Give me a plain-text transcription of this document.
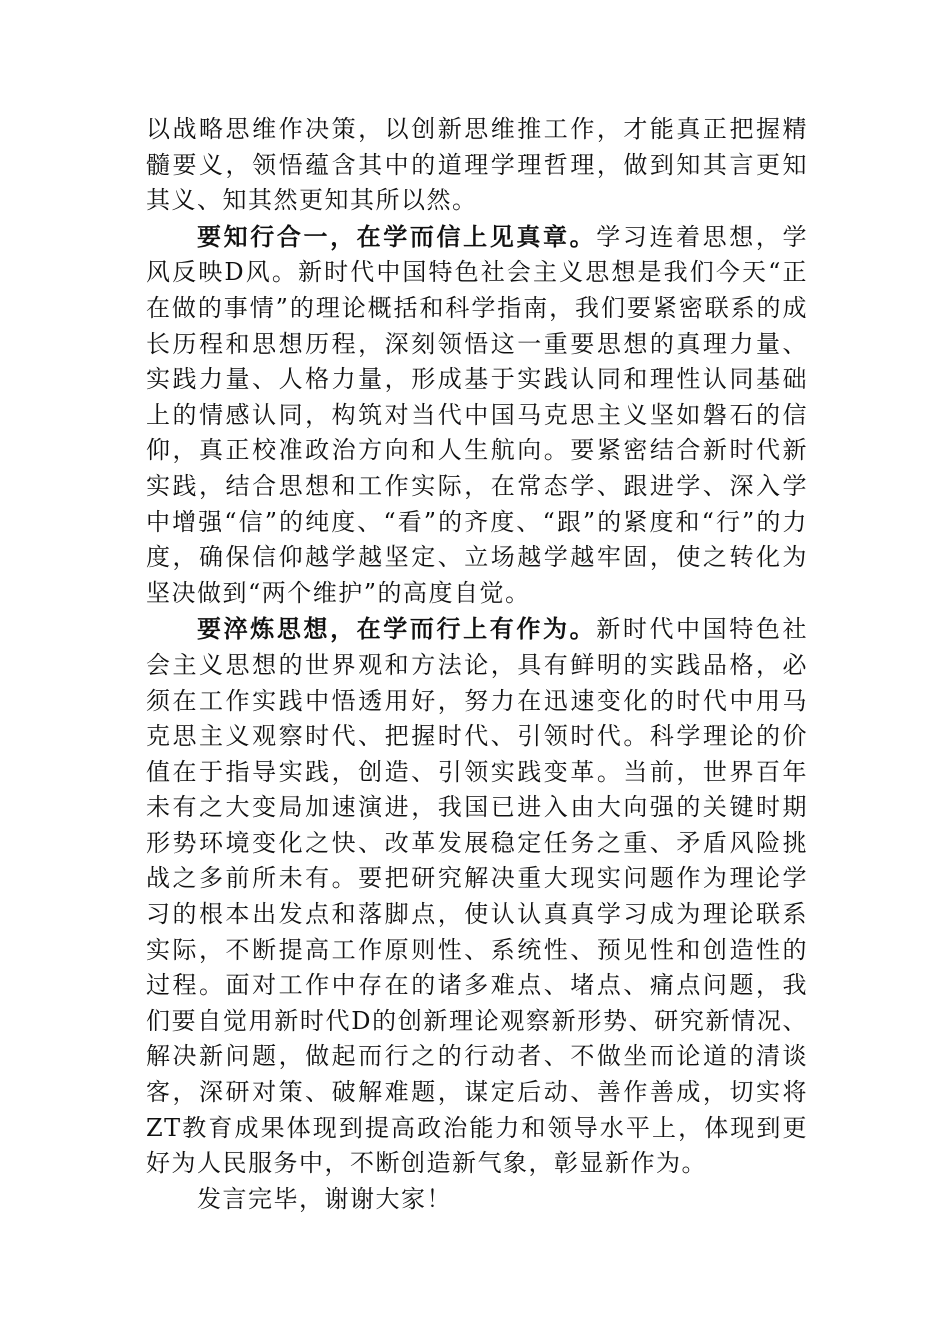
以战略思维作决策，以创新思维推工作，才能真正把握精髓要义，领悟蕴含其中的道理学理哲理，做到知其言更知其义、知其然更知其所以然。

要知行合一，在学而信上见真章。学习连着思想，学风反映D风。新时代中国特色社会主义思想是我们今天“正在做的事情”的理论概括和科学指南，我们要紧密联系的成长历程和思想历程，深刻领悟这一重要思想的真理力量、实践力量、人格力量，形成基于实践认同和理性认同基础上的情感认同，构筑对当代中国马克思主义坚如磐石的信仰，真正校准政治方向和人生航向。要紧密结合新时代新实践，结合思想和工作实际，在常态学、跟进学、深入学中增强“信”的纯度、“看”的齐度、“跟”的紧度和“行”的力度，确保信仰越学越坚定、立场越学越牢固，使之转化为坚决做到“两个维护”的高度自觉。

要淬炼思想，在学而行上有作为。新时代中国特色社会主义思想的世界观和方法论，具有鲜明的实践品格，必须在工作实践中悟透用好，努力在迅速变化的时代中用马克思主义观察时代、把握时代、引领时代。科学理论的价值在于指导实践，创造、引领实践变革。当前，世界百年未有之大变局加速演进，我国已进入由大向强的关键时期形势环境变化之快、改革发展稳定任务之重、矛盾风险挑战之多前所未有。要把研究解决重大现实问题作为理论学习的根本出发点和落脚点，使认认真真学习成为理论联系实际，不断提高工作原则性、系统性、预见性和创造性的过程。面对工作中存在的诸多难点、堵点、痛点问题，我们要自觉用新时代D的创新理论观察新形势、研究新情况、解决新问题，做起而行之的行动者、不做坐而论道的清谈客，深研对策、破解难题，谋定后动、善作善成，切实将ZT教育成果体现到提高政治能力和领导水平上，体现到更好为人民服务中，不断创造新气象，彰显新作为。

发言完毕，谢谢大家！
